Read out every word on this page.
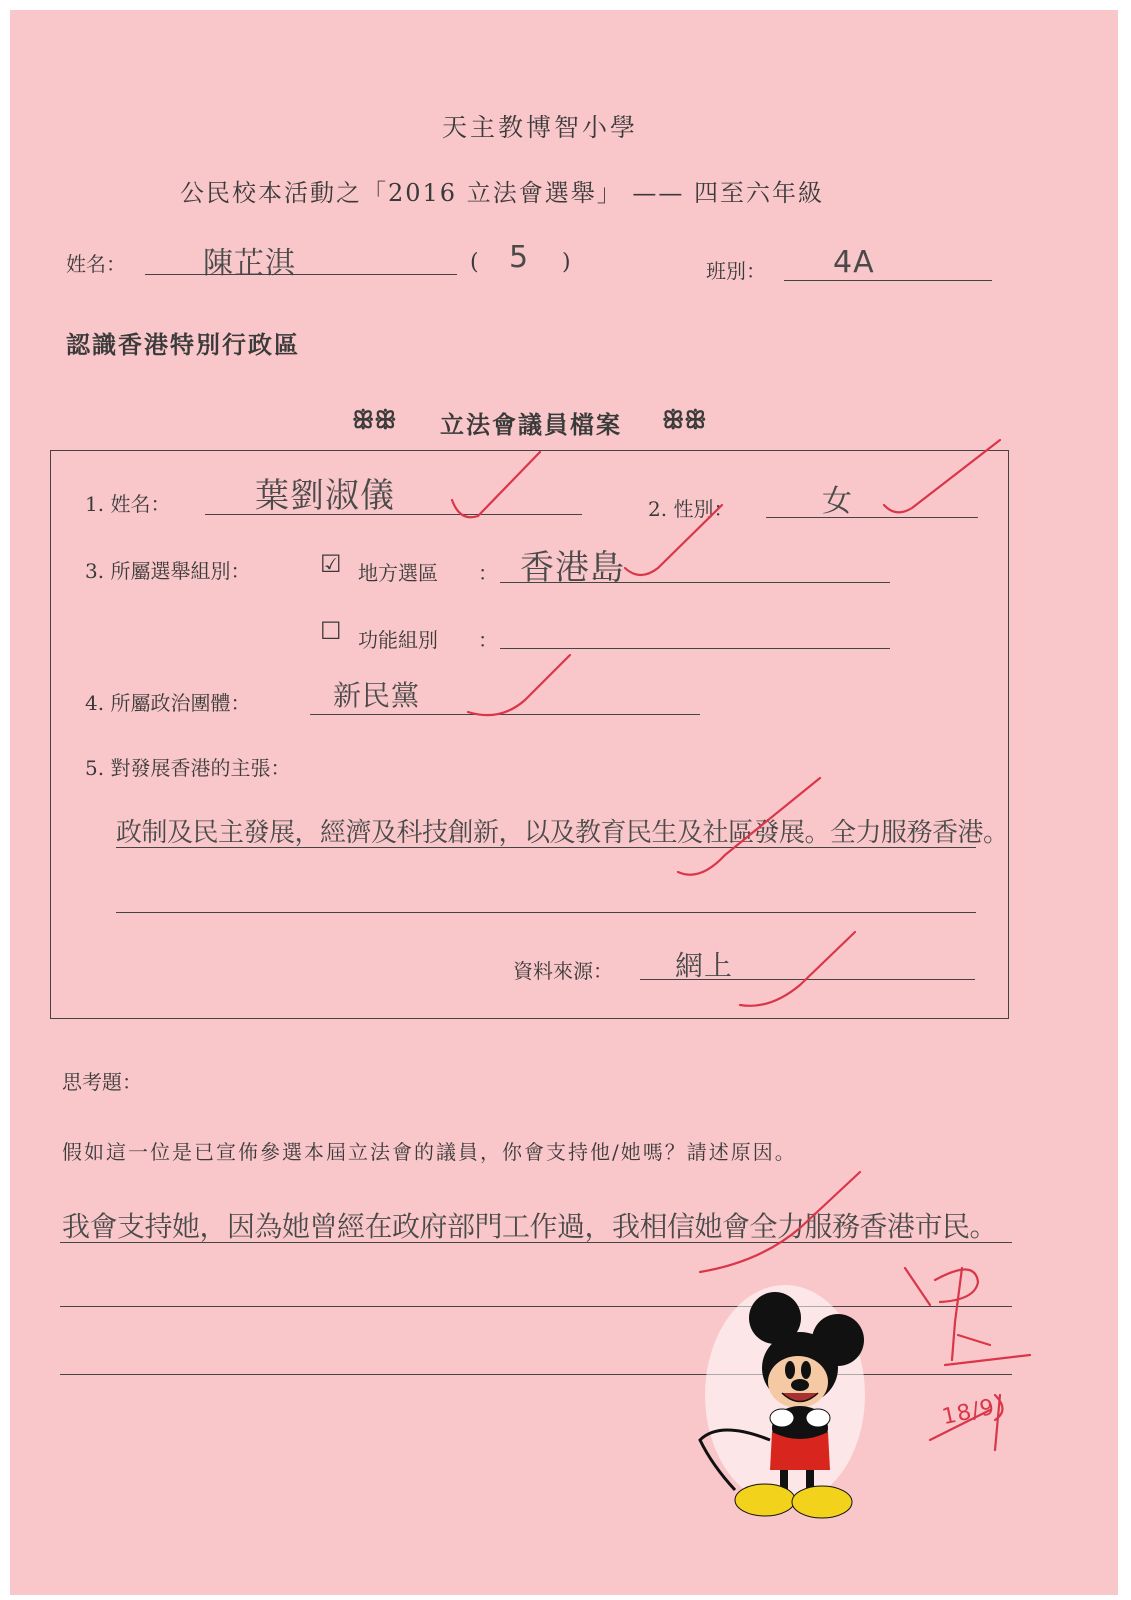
天主教博智小學
公民校本活動之「2016 立法會選舉」 —— 四至六年級
姓名：	陳芷淇	( 5 )	班別： 4A
認識香港特別行政區
ꕥꕥ 立法會議員檔案 ꕥꕥ
1. 姓名： 葉劉淑儀	2. 性別：	女
3. 所屬選舉組別：	☑ 地方選區 ： 香港島
☐ 功能組別 ：
4. 所屬政治團體：	新民黨
5. 對發展香港的主張：
政制及民主發展，經濟及科技創新，以及教育民生及社區發展。全力服務香港。
資料來源： 網上
思考題：
假如這一位是已宣佈參選本屆立法會的議員，你會支持他/她嗎？請述原因。
我會支持她，因為她曾經在政府部門工作過，我相信她會全力服務香港市民。
18/9
